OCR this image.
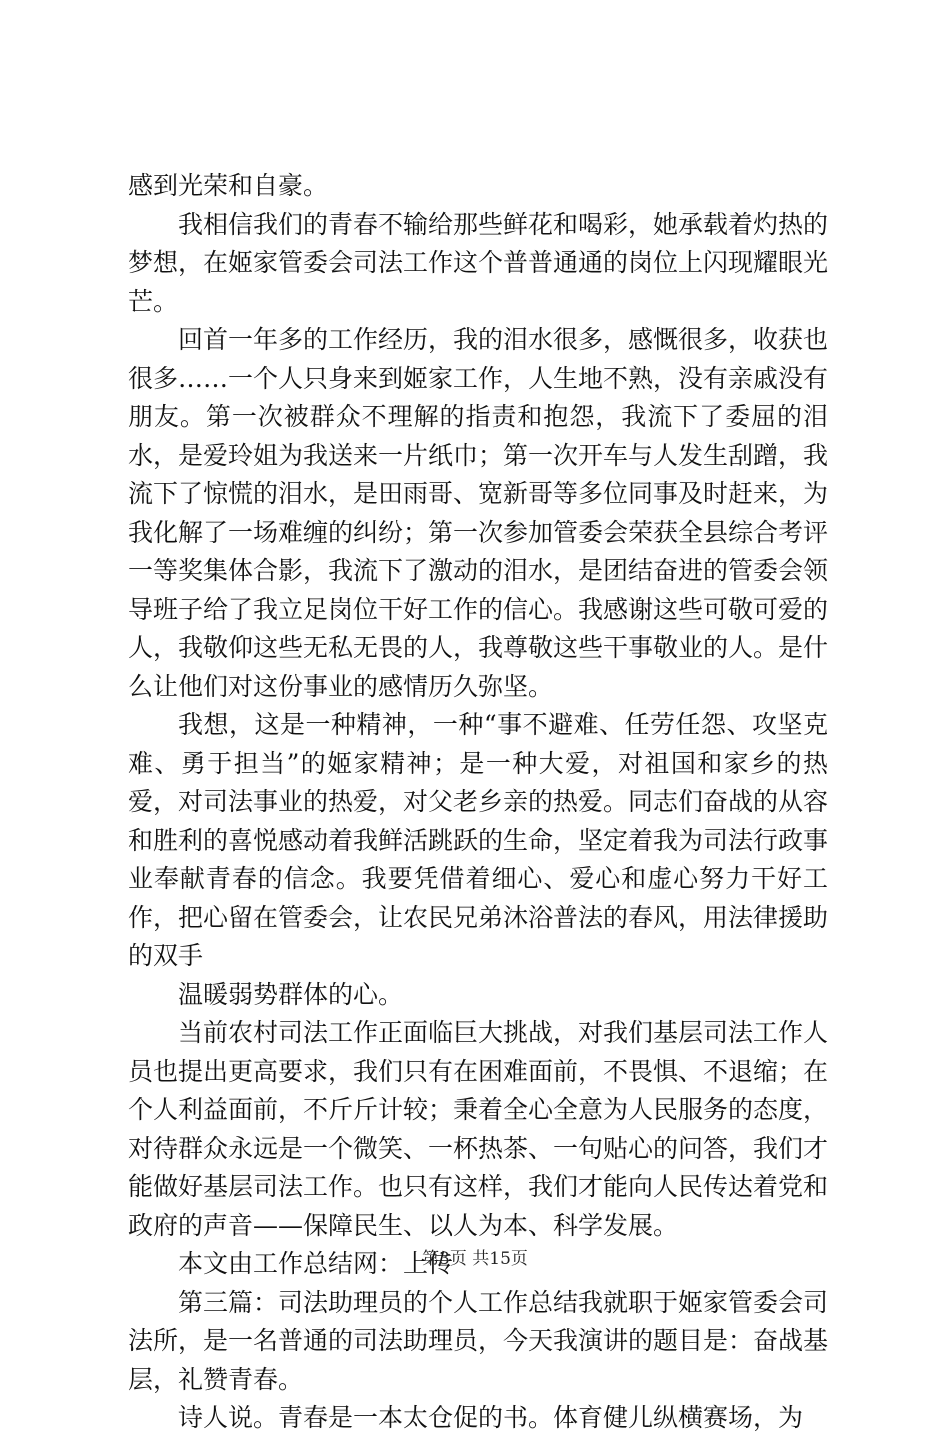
感到光荣和自豪。

我相信我们的青春不输给那些鲜花和喝彩，她承载着灼热的梦想，在姬家管委会司法工作这个普普通通的岗位上闪现耀眼光芒。

回首一年多的工作经历，我的泪水很多，感慨很多，收获也很多……一个人只身来到姬家工作，人生地不熟，没有亲戚没有朋友。第一次被群众不理解的指责和抱怨，我流下了委屈的泪水，是爱玲姐为我送来一片纸巾；第一次开车与人发生刮蹭，我流下了惊慌的泪水，是田雨哥、宽新哥等多位同事及时赶来，为我化解了一场难缠的纠纷；第一次参加管委会荣获全县综合考评一等奖集体合影，我流下了激动的泪水，是团结奋进的管委会领导班子给了我立足岗位干好工作的信心。我感谢这些可敬可爱的人，我敬仰这些无私无畏的人，我尊敬这些干事敬业的人。是什么让他们对这份事业的感情历久弥坚。

我想，这是一种精神，一种“事不避难、任劳任怨、攻坚克难、勇于担当”的姬家精神；是一种大爱，对祖国和家乡的热爱，对司法事业的热爱，对父老乡亲的热爱。同志们奋战的从容和胜利的喜悦感动着我鲜活跳跃的生命，坚定着我为司法行政事业奉献青春的信念。我要凭借着细心、爱心和虚心努力干好工作，把心留在管委会，让农民兄弟沐浴普法的春风，用法律援助的双手

温暖弱势群体的心。

当前农村司法工作正面临巨大挑战，对我们基层司法工作人员也提出更高要求，我们只有在困难面前，不畏惧、不退缩；在个人利益面前，不斤斤计较；秉着全心全意为人民服务的态度，对待群众永远是一个微笑、一杯热茶、一句贴心的问答，我们才能做好基层司法工作。也只有这样，我们才能向人民传达着党和政府的声音——保障民生、以人为本、科学发展。

本文由工作总结网：上传

第三篇：司法助理员的个人工作总结我就职于姬家管委会司法所，是一名普通的司法助理员，今天我演讲的题目是：奋战基层，礼赞青春。

诗人说。青春是一本太仓促的书。体育健儿纵横赛场，为

第3页 共15页
